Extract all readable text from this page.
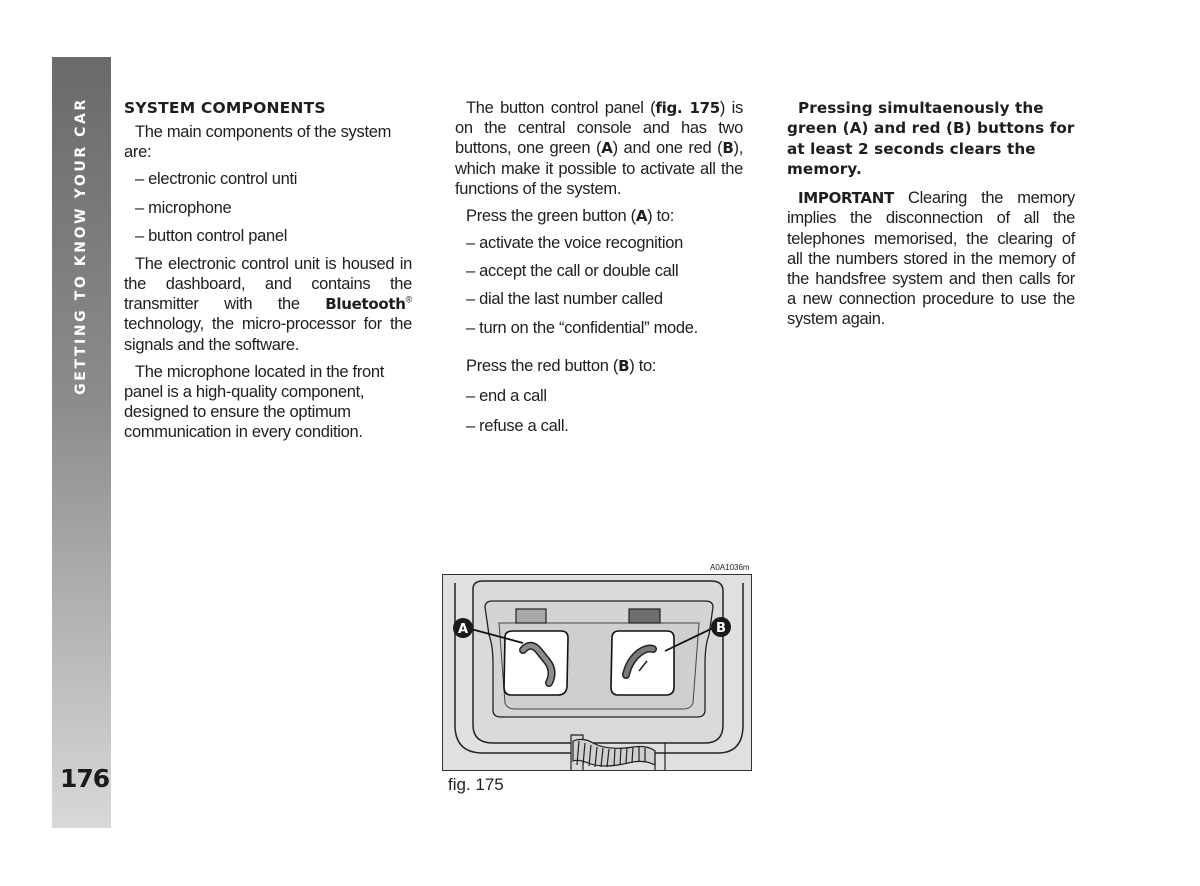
GETTING TO KNOW YOUR CAR
176

SYSTEM COMPONENTS

The main components of the system are:

– electronic control unti

– microphone

– button control panel

The electronic control unit is housed in the dashboard, and contains the transmitter with the Bluetooth® technology, the micro-processor for the signals and the software.

The microphone located in the front panel is a high-quality component, designed to ensure the optimum communication in every condition.

The button control panel (fig. 175) is on the central console and has two buttons, one green (A) and one red (B), which make it possible to activate all the functions of the system.

Press the green button (A) to:

– activate the voice recognition

– accept the call or double call

– dial the last number called

– turn on the “confidential” mode.

Press the red button (B) to:

– end a call

– refuse a call.

Pressing simultaenously the green (A) and red (B) buttons for at least 2 seconds clears the memory.

IMPORTANT Clearing the memory implies the disconnection of all the telephones memorised, the clearing of all the numbers stored in the memory of the handsfree system and then calls for a new connection procedure to use the system again.

A0A1036m
A	B
fig. 175
